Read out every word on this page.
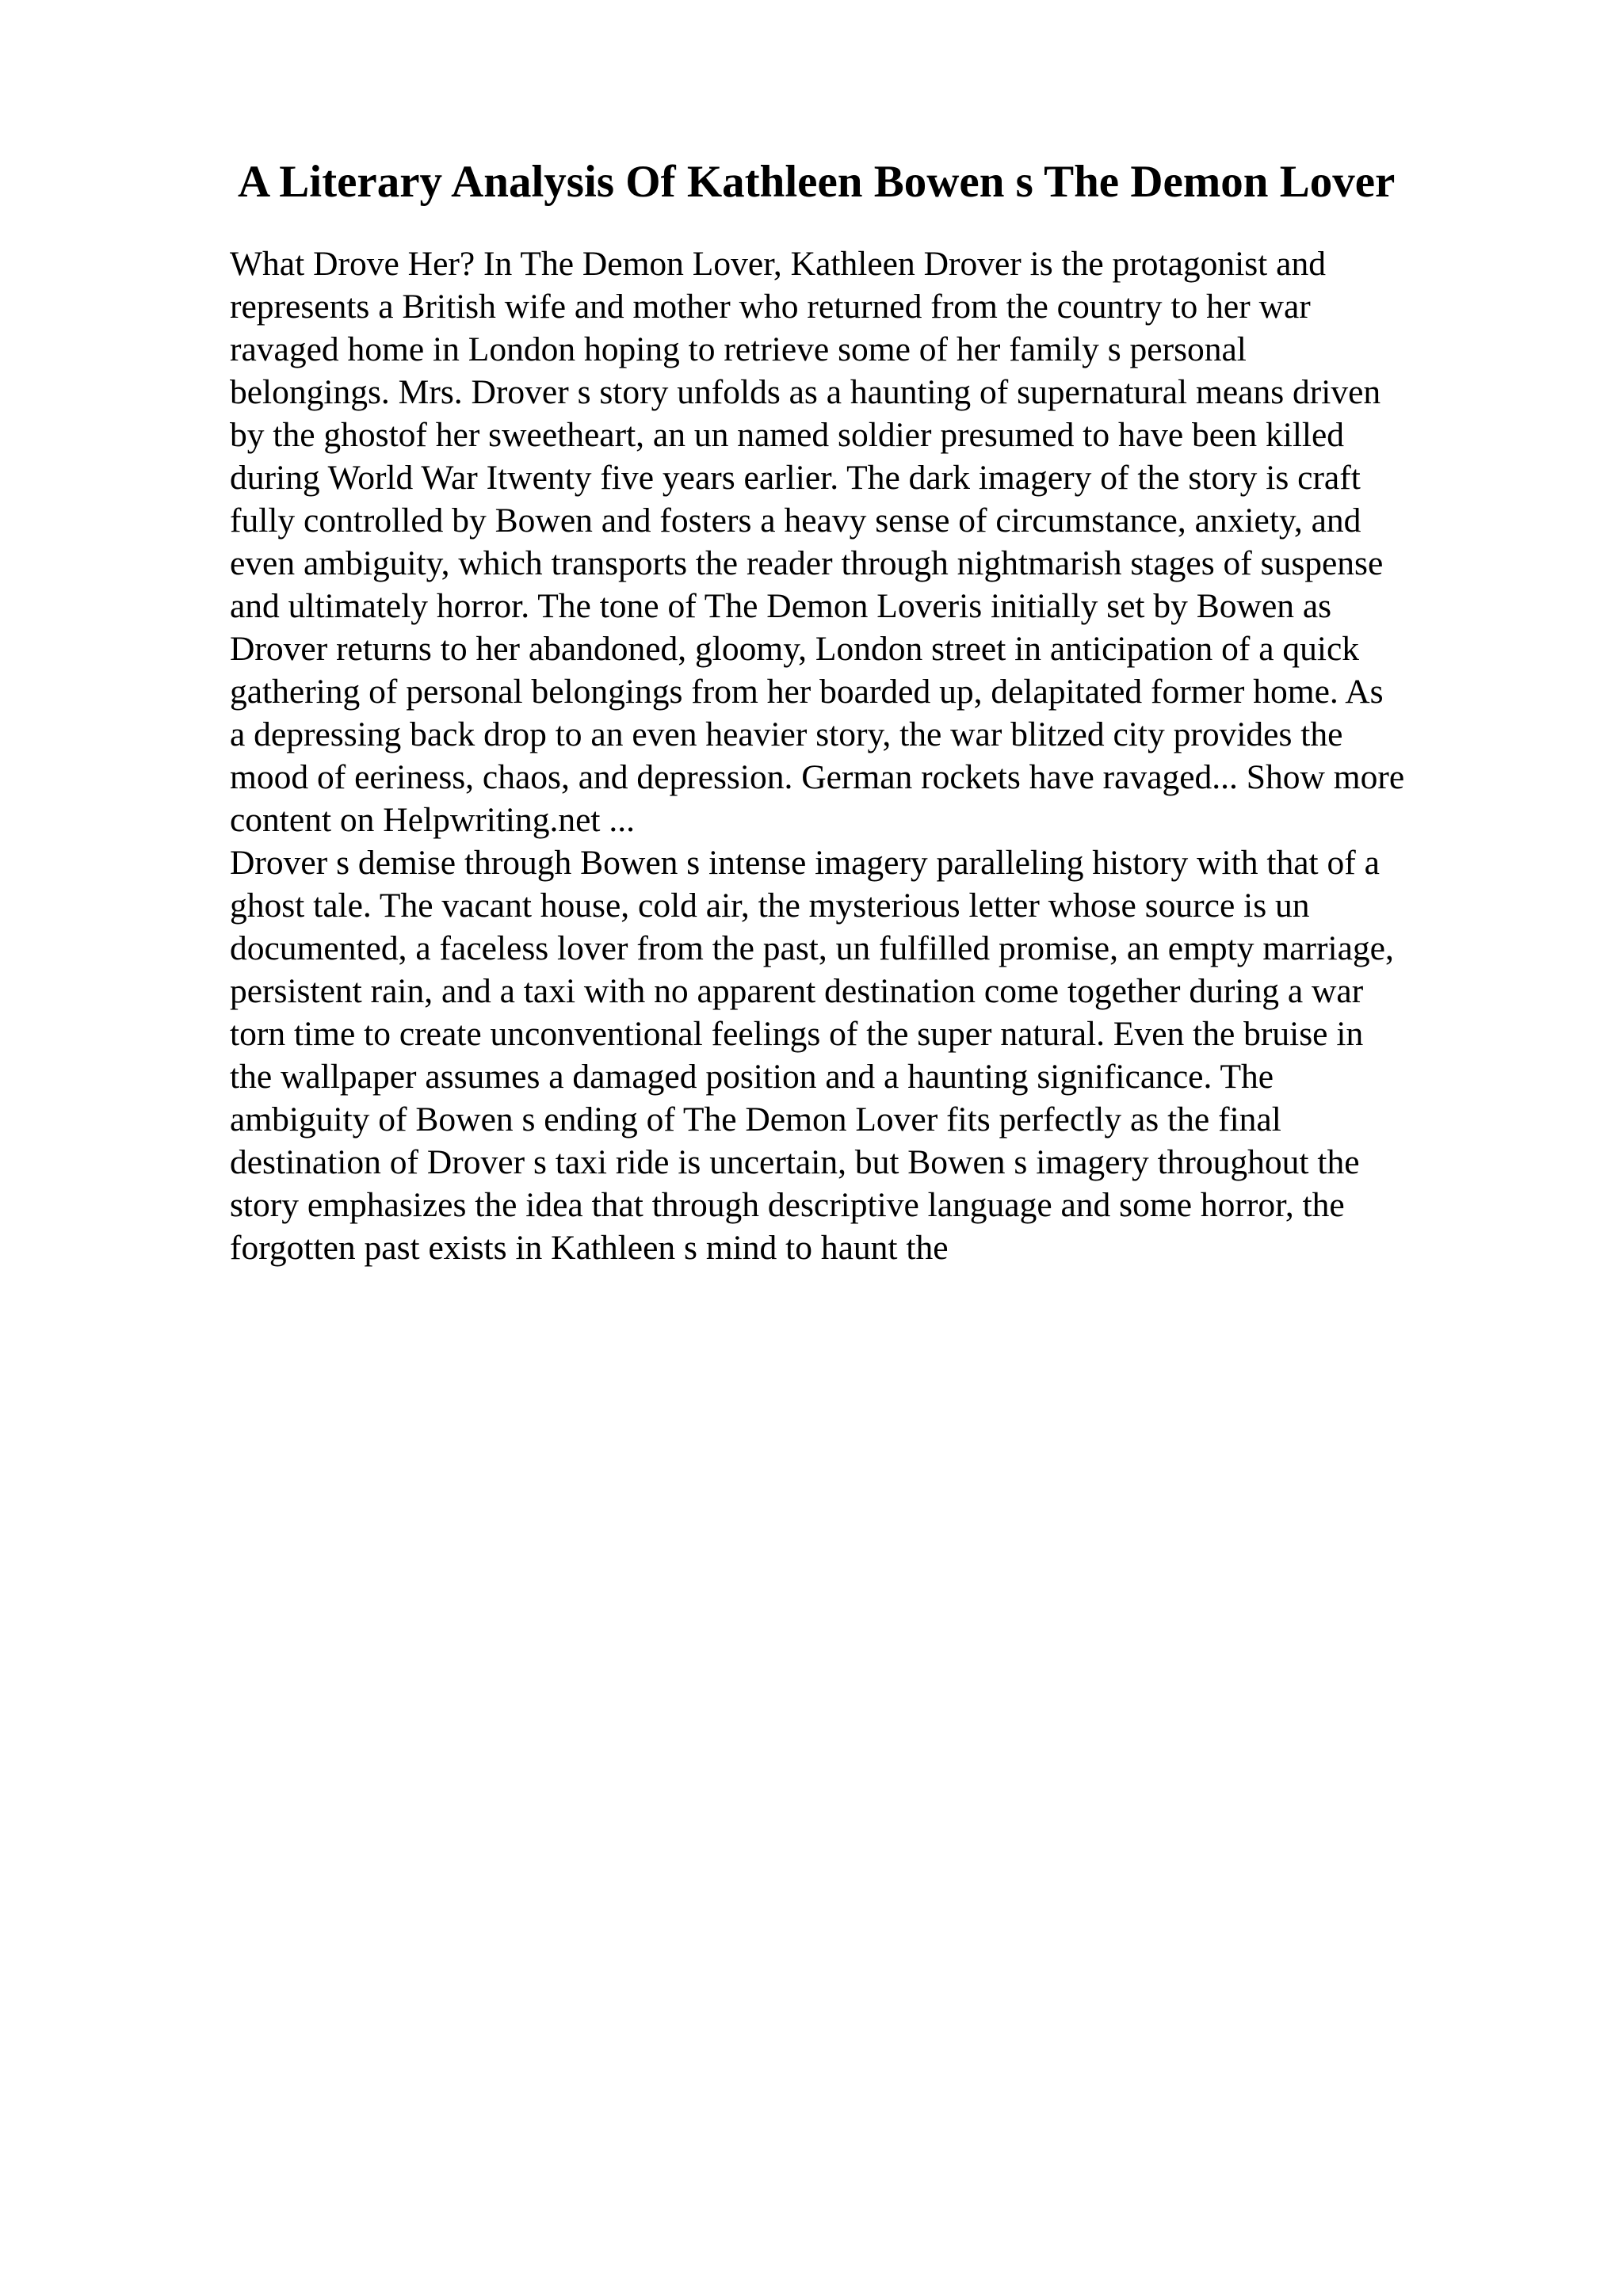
A Literary Analysis Of Kathleen Bowen s The Demon Lover
What Drove Her? In The Demon Lover, Kathleen Drover is the protagonist and
represents a British wife and mother who returned from the country to her war
ravaged home in London hoping to retrieve some of her family s personal
belongings. Mrs. Drover s story unfolds as a haunting of supernatural means driven
by the ghostof her sweetheart, an un named soldier presumed to have been killed
during World War Itwenty five years earlier. The dark imagery of the story is craft
fully controlled by Bowen and fosters a heavy sense of circumstance, anxiety, and
even ambiguity, which transports the reader through nightmarish stages of suspense
and ultimately horror. The tone of The Demon Loveris initially set by Bowen as
Drover returns to her abandoned, gloomy, London street in anticipation of a quick
gathering of personal belongings from her boarded up, delapitated former home. As
a depressing back drop to an even heavier story, the war blitzed city provides the
mood of eeriness, chaos, and depression. German rockets have ravaged... Show more
content on Helpwriting.net ...
Drover s demise through Bowen s intense imagery paralleling history with that of a
ghost tale. The vacant house, cold air, the mysterious letter whose source is un
documented, a faceless lover from the past, un fulfilled promise, an empty marriage,
persistent rain, and a taxi with no apparent destination come together during a war
torn time to create unconventional feelings of the super natural. Even the bruise in
the wallpaper assumes a damaged position and a haunting significance. The
ambiguity of Bowen s ending of The Demon Lover fits perfectly as the final
destination of Drover s taxi ride is uncertain, but Bowen s imagery throughout the
story emphasizes the idea that through descriptive language and some horror, the
forgotten past exists in Kathleen s mind to haunt the
